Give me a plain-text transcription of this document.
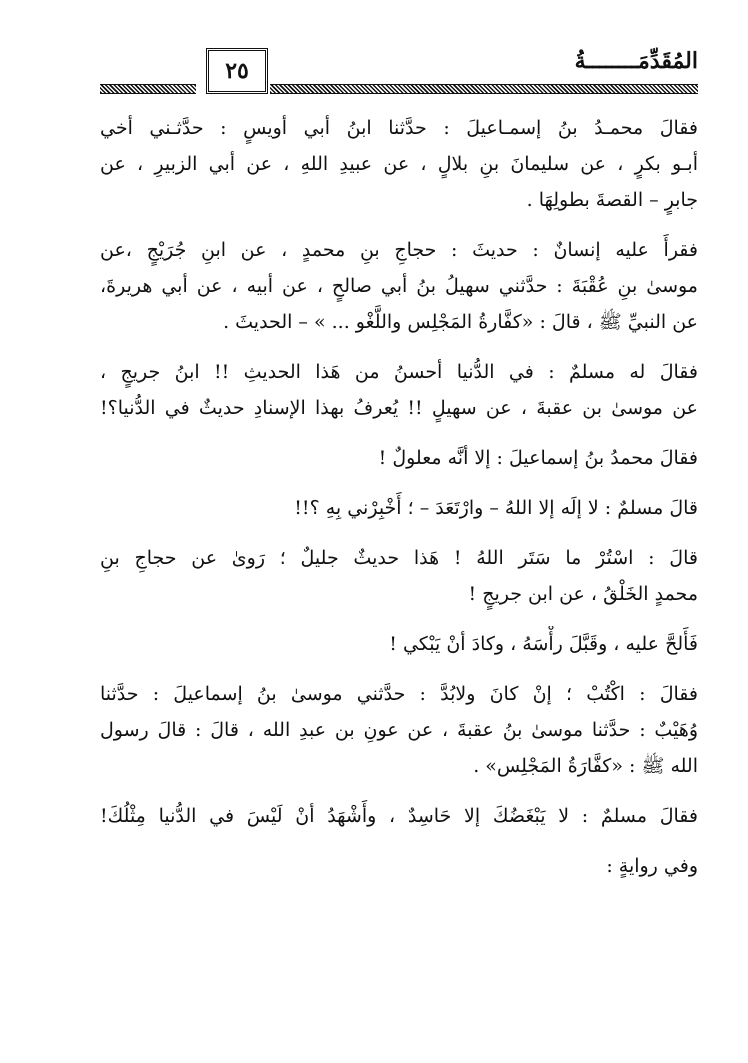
المُقَدِّمَــــــــةُ
٢٥
فقالَ محمـدُ بنُ إسمـاعيلَ : حدَّثنا ابنُ أبي أويسٍ : حدَّثـني أخي
أبـو بكرٍ ، عن سليمانَ بنِ بلالٍ ، عن عبيدِ اللهِ ، عن أبي الزبيرِ ، عن
جابرٍ – القصةَ بطولِهَا .
فقرأَ عليه إنسانٌ : حديثَ : حجاجِ بنِ محمدٍ ، عن ابنِ جُرَيْجٍ ،عن
موسىٰ بنِ عُقْبَةَ : حدَّثني سهيلُ بنُ أبي صالحٍ ، عن أبيه ، عن أبي هريرةَ،
عن النبيِّ ﷺ ، قالَ : «كفَّارةُ المَجْلِس واللَّغْو ... » – الحديثَ .
فقالَ له مسلمٌ : في الدُّنيا أحسنُ من هَذا الحديثِ !! ابنُ جريجٍ ،
عن موسىٰ بن عقبةَ ، عن سهيلٍ !! يُعرفُ بهذا الإسنادِ حديثٌ في الدُّنيا؟!
فقالَ محمدُ بنُ إسماعيلَ : إلا أنَّه معلولٌ !
قالَ مسلمٌ : لا إلَه إلا اللهُ – وارْتَعَدَ – ؛ أَخْبِرْني بِهِ ؟!!
قالَ : اسْتُرْ ما سَتَر اللهُ ! هَذا حديثٌ جليلٌ ؛ رَوىٰ عن حجاجِ بنِ
محمدٍ الخَلْقُ ، عن ابن جريجٍ !
فَأَلحَّ عليه ، وقَبَّلَ رأْسَهُ ، وكادَ أنْ يَبْكي !
فقالَ : اكْتُبْ ؛ إنْ كانَ ولابُدَّ : حدَّثني موسىٰ بنُ إسماعيلَ : حدَّثنا
وُهَيْبٌ : حدَّثنا موسىٰ بنُ عقبةَ ، عن عونِ بن عبدِ الله ، قالَ : قالَ رسول
الله ﷺ : «كفَّارَةُ المَجْلِس» .
فقالَ مسلمٌ : لا يَبْغَضُكَ إلا حَاسِدٌ ، وأَشْهَدُ أنْ لَيْسَ في الدُّنيا مِثْلُكَ!
وفي روايةٍ :
